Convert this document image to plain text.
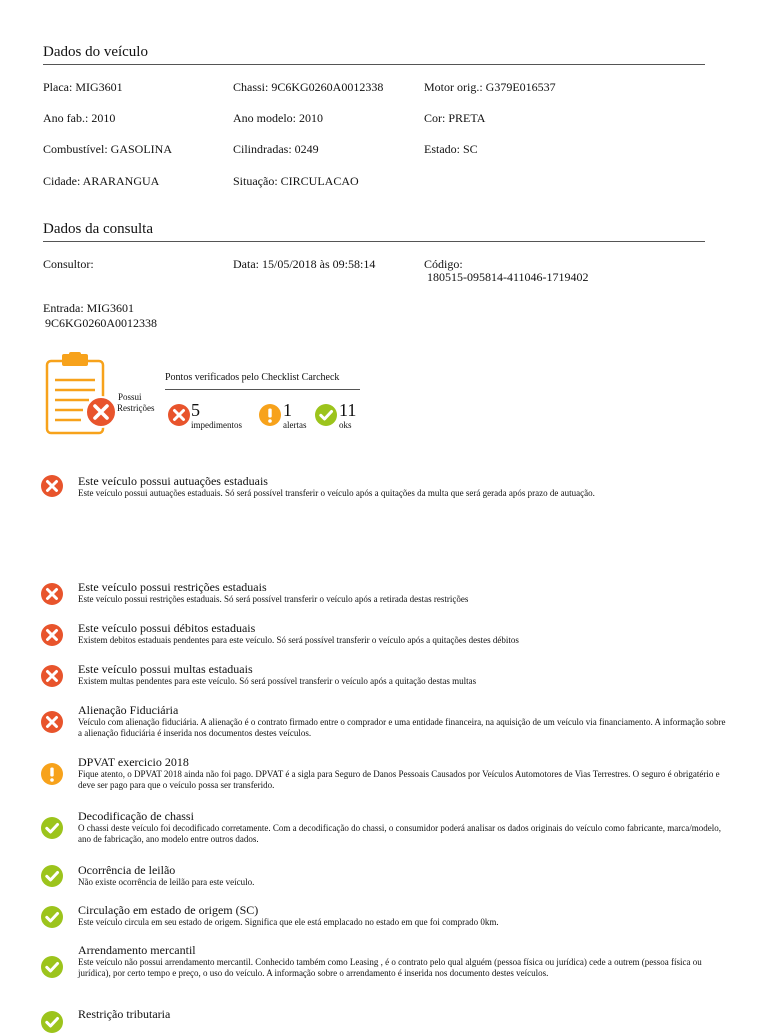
Dados do veículo
Placa: MIG3601	Chassi: 9C6KG0260A0012338	Motor orig.: G379E016537
Ano fab.: 2010	Ano modelo: 2010	Cor: PRETA
Combustível: GASOLINA	Cilindradas: 0249	Estado: SC
Cidade: ARARANGUA	Situação: CIRCULACAO
Dados da consulta
Consultor:	Data: 15/05/2018 às 09:58:14	Código:
180515-095814-411046-1719402
Entrada: MIG3601
9C6KG0260A0012338
Possui
Restrições
Pontos verificados pelo Checklist Carcheck
5
impedimentos
1
alertas
11
oks
Este veículo possui autuações estaduais
Este veículo possui autuações estaduais. Só será possível transferir o veículo após a quitações da multa que será gerada após prazo de autuação.
Este veículo possui restrições estaduais
Este veículo possui restrições estaduais. Só será possível transferir o veículo após a retirada destas restrições
Este veículo possui débitos estaduais
Existem debitos estaduais pendentes para este veículo. Só será possível transferir o veículo após a quitações destes débitos
Este veículo possui multas estaduais
Existem multas pendentes para este veículo. Só será possível transferir o veículo após a quitação destas multas
Alienação Fiduciária
Veículo com alienação fiduciária. A alienação é o contrato firmado entre o comprador e uma entidade financeira, na aquisição de um veículo via financiamento. A informação sobre a alienação fiduciária é inserida nos documentos destes veículos.
DPVAT exercicio 2018
Fique atento, o DPVAT 2018 ainda não foi pago. DPVAT é a sigla para Seguro de Danos Pessoais Causados por Veículos Automotores de Vias Terrestres. O seguro é obrigatério e deve ser pago para que o veículo possa ser transferido.
Decodificação de chassi
O chassi deste veículo foi decodificado corretamente. Com a decodificação do chassi, o consumidor poderá analisar os dados originais do veículo como fabricante, marca/modelo, ano de fabricação, ano modelo entre outros dados.
Ocorrência de leilão
Não existe ocorrência de leilão para este veículo.
Circulação em estado de origem (SC)
Este veículo circula em seu estado de origem. Significa que ele está emplacado no estado em que foi comprado 0km.
Arrendamento mercantil
Este veículo não possui arrendamento mercantil. Conhecido também como Leasing , é o contrato pelo qual alguém (pessoa física ou jurídica) cede a outrem (pessoa física ou jurídica), por certo tempo e preço, o uso do veículo. A informação sobre o arrendamento é inserida nos documento destes veículos.
Restrição tributaria
